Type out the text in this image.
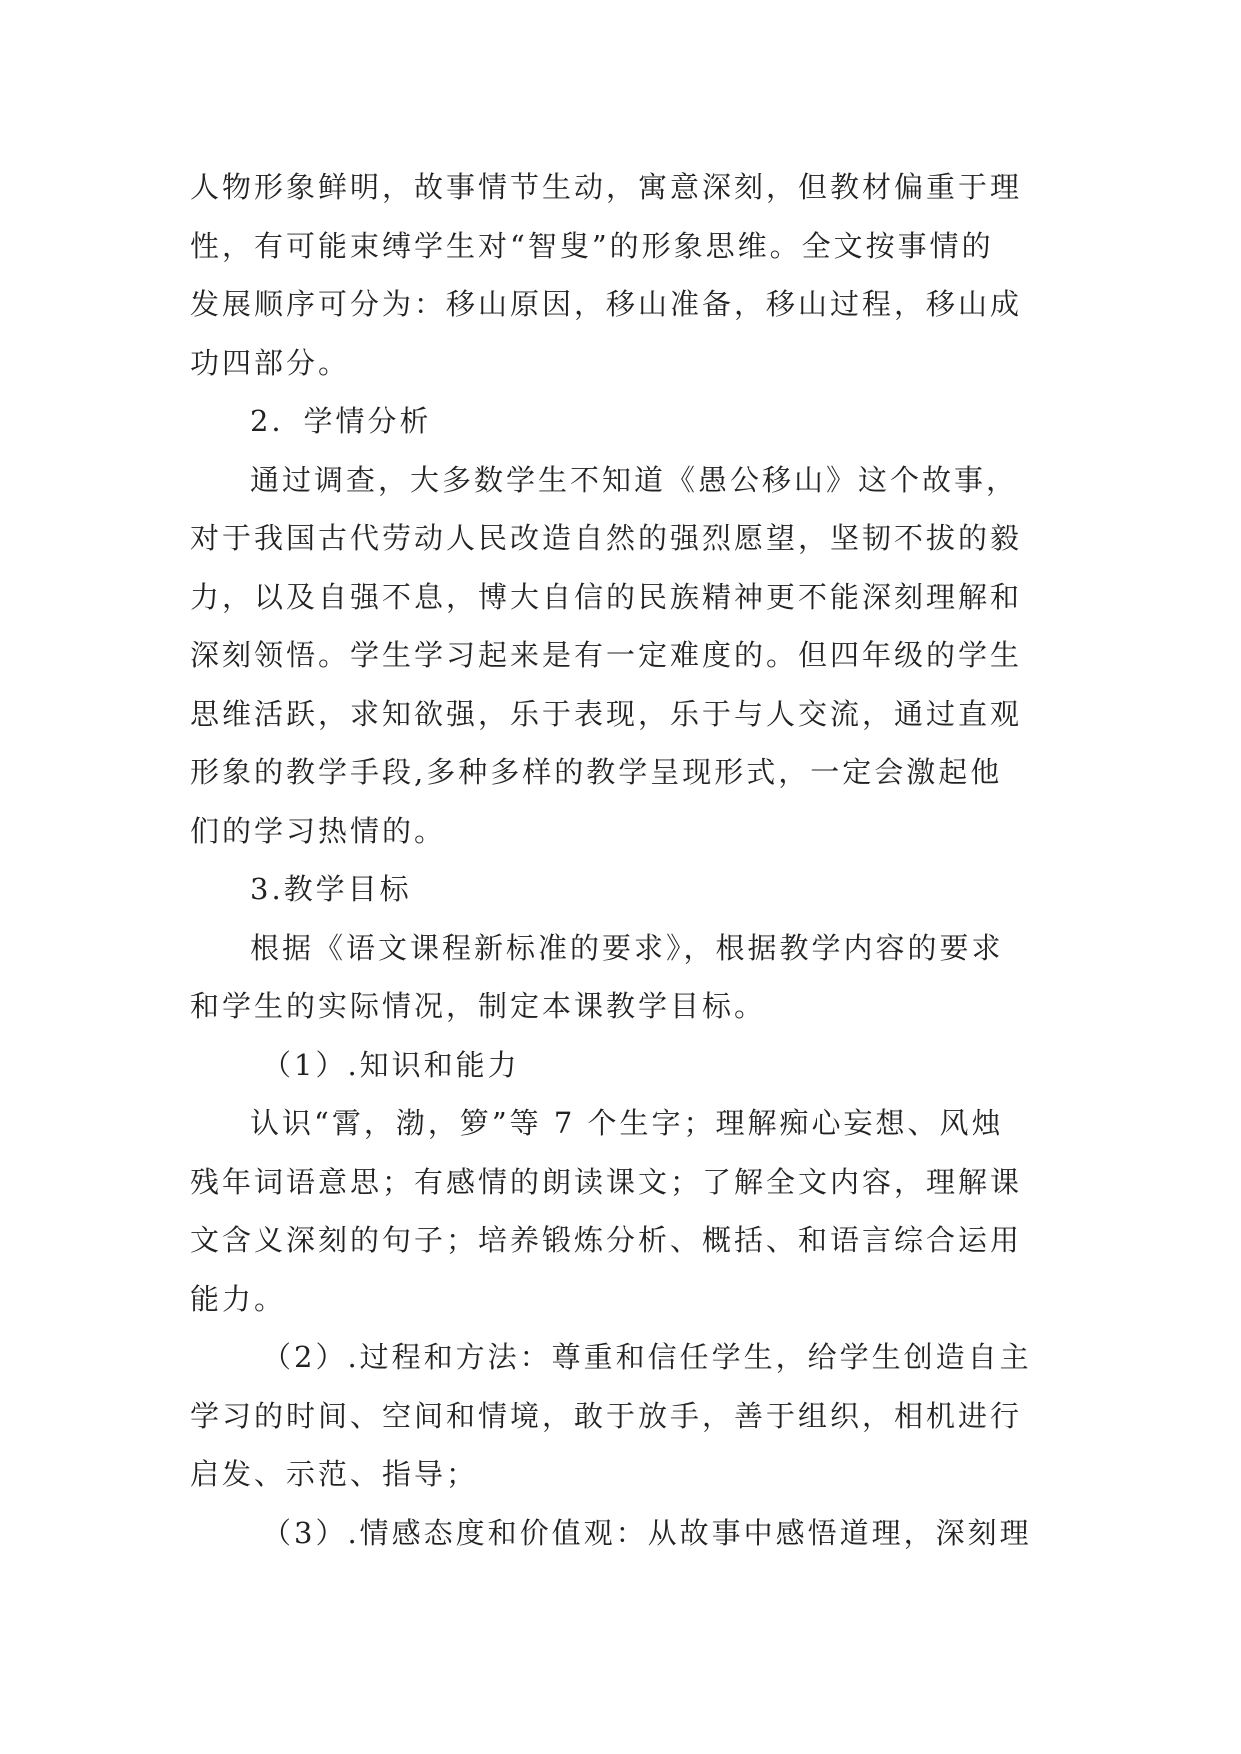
人物形象鲜明，故事情节生动，寓意深刻，但教材偏重于理
性，有可能束缚学生对“智叟”的形象思维。全文按事情的
发展顺序可分为：移山原因，移山准备，移山过程，移山成
功四部分。
2．学情分析
通过调查，大多数学生不知道《愚公移山》这个故事，
对于我国古代劳动人民改造自然的强烈愿望，坚韧不拔的毅
力，以及自强不息，博大自信的民族精神更不能深刻理解和
深刻领悟。学生学习起来是有一定难度的。但四年级的学生
思维活跃，求知欲强，乐于表现，乐于与人交流，通过直观
形象的教学手段,多种多样的教学呈现形式，一定会激起他
们的学习热情的。
3.教学目标
根据《语文课程新标准的要求》，根据教学内容的要求
和学生的实际情况，制定本课教学目标。
（1）.知识和能力
认识“霄，渤，箩”等 7 个生字；理解痴心妄想、风烛
残年词语意思；有感情的朗读课文；了解全文内容，理解课
文含义深刻的句子；培养锻炼分析、概括、和语言综合运用
能力。
（2）.过程和方法：尊重和信任学生，给学生创造自主
学习的时间、空间和情境，敢于放手，善于组织，相机进行
启发、示范、指导；
（3）.情感态度和价值观：从故事中感悟道理，深刻理
